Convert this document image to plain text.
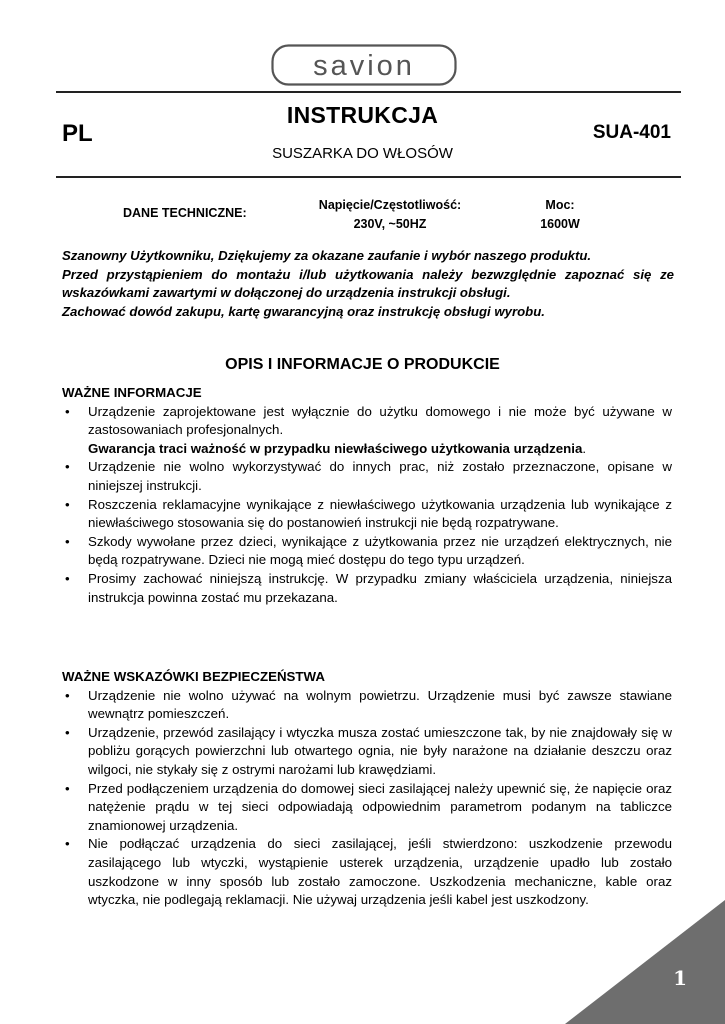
savion
PL
INSTRUKCJA
SUSZARKA DO WŁOSÓW
SUA-401
DANE TECHNICZNE:
Napięcie/Częstotliwość:
230V, ~50HZ
Moc:
1600W

Szanowny Użytkowniku, Dziękujemy za okazane zaufanie i wybór naszego produktu.

Przed przystąpieniem do montażu i/lub użytkowania należy bezwzględnie zapoznać się ze wskazówkami zawartymi w dołączonej do urządzenia instrukcji obsługi.

Zachować dowód zakupu, kartę gwarancyjną oraz instrukcję obsługi wyrobu.

OPIS I INFORMACJE O PRODUKCIE
WAŻNE INFORMACJE
• Urządzenie zaprojektowane jest wyłącznie do użytku domowego i nie może być używane w zastosowaniach profesjonalnych.
Gwarancja traci ważność w przypadku niewłaściwego użytkowania urządzenia.
• Urządzenie nie wolno wykorzystywać do innych prac, niż zostało przeznaczone, opisane w niniejszej instrukcji.
• Roszczenia reklamacyjne wynikające z niewłaściwego użytkowania urządzenia lub wynikające z niewłaściwego stosowania się do postanowień instrukcji nie będą rozpatrywane.
• Szkody wywołane przez dzieci, wynikające z użytkowania przez nie urządzeń elektrycznych, nie będą rozpatrywane. Dzieci nie mogą mieć dostępu do tego typu urządzeń.
• Prosimy zachować niniejszą instrukcję. W przypadku zmiany właściciela urządzenia, niniejsza instrukcja powinna zostać mu przekazana.
WAŻNE WSKAZÓWKI BEZPIECZEŃSTWA
• Urządzenie nie wolno używać na wolnym powietrzu. Urządzenie musi być zawsze stawiane wewnątrz pomieszczeń.
• Urządzenie, przewód zasilający i wtyczka musza zostać umieszczone tak, by nie znajdowały się w pobliżu gorących powierzchni lub otwartego ognia, nie były narażone na działanie deszczu oraz wilgoci, nie stykały się z ostrymi narożami lub krawędziami.
• Przed podłączeniem urządzenia do domowej sieci zasilającej należy upewnić się, że napięcie oraz natężenie prądu w tej sieci odpowiadają odpowiednim parametrom podanym na tabliczce znamionowej urządzenia.
• Nie podłączać urządzenia do sieci zasilającej, jeśli stwierdzono: uszkodzenie przewodu zasilającego lub wtyczki, wystąpienie usterek urządzenia, urządzenie upadło lub zostało uszkodzone w inny sposób lub zostało zamoczone. Uszkodzenia mechaniczne, kable oraz wtyczka, nie podlegają reklamacji. Nie używaj urządzenia jeśli kabel jest uszkodzony.
1
